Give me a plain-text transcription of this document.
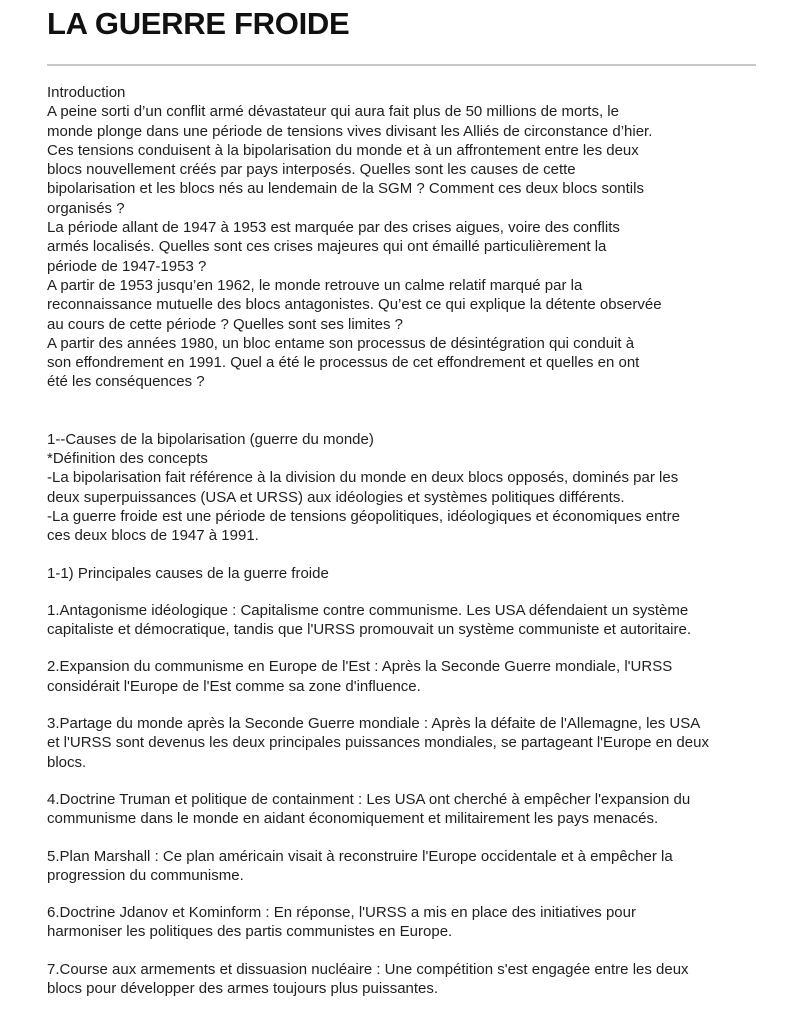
LA GUERRE FROIDE
Introduction
A peine sorti d’un conflit armé dévastateur qui aura fait plus de 50 millions de morts, le
monde plonge dans une période de tensions vives divisant les Alliés de circonstance d’hier.
Ces tensions conduisent à la bipolarisation du monde et à un affrontement entre les deux
blocs nouvellement créés par pays interposés. Quelles sont les causes de cette
bipolarisation et les blocs nés au lendemain de la SGM ? Comment ces deux blocs sontils
organisés ?
La période allant de 1947 à 1953 est marquée par des crises aigues, voire des conflits
armés localisés. Quelles sont ces crises majeures qui ont émaillé particulièrement la
période de 1947-1953 ?
A partir de 1953 jusqu’en 1962, le monde retrouve un calme relatif marqué par la
reconnaissance mutuelle des blocs antagonistes. Qu’est ce qui explique la détente observée
au cours de cette période ? Quelles sont ses limites ?
A partir des années 1980, un bloc entame son processus de désintégration qui conduit à
son effondrement en 1991. Quel a été le processus de cet effondrement et quelles en ont
été les conséquences ?
1--Causes de la bipolarisation (guerre du monde)
*Définition des concepts
-La bipolarisation fait référence à la division du monde en deux blocs opposés, dominés par les
deux superpuissances (USA et URSS) aux idéologies et systèmes politiques différents.
-La guerre froide est une période de tensions géopolitiques, idéologiques et économiques entre
ces deux blocs de 1947 à 1991.
1-1) Principales causes de la guerre froide
1.Antagonisme idéologique : Capitalisme contre communisme. Les USA défendaient un système
capitaliste et démocratique, tandis que l'URSS promouvait un système communiste et autoritaire.
2.Expansion du communisme en Europe de l'Est : Après la Seconde Guerre mondiale, l'URSS
considérait l'Europe de l'Est comme sa zone d'influence.
3.Partage du monde après la Seconde Guerre mondiale : Après la défaite de l'Allemagne, les USA
et l'URSS sont devenus les deux principales puissances mondiales, se partageant l'Europe en deux
blocs.
4.Doctrine Truman et politique de containment : Les USA ont cherché à empêcher l'expansion du
communisme dans le monde en aidant économiquement et militairement les pays menacés.
5.Plan Marshall : Ce plan américain visait à reconstruire l'Europe occidentale et à empêcher la
progression du communisme.
6.Doctrine Jdanov et Kominform : En réponse, l'URSS a mis en place des initiatives pour
harmoniser les politiques des partis communistes en Europe.
7.Course aux armements et dissuasion nucléaire : Une compétition s'est engagée entre les deux
blocs pour développer des armes toujours plus puissantes.
